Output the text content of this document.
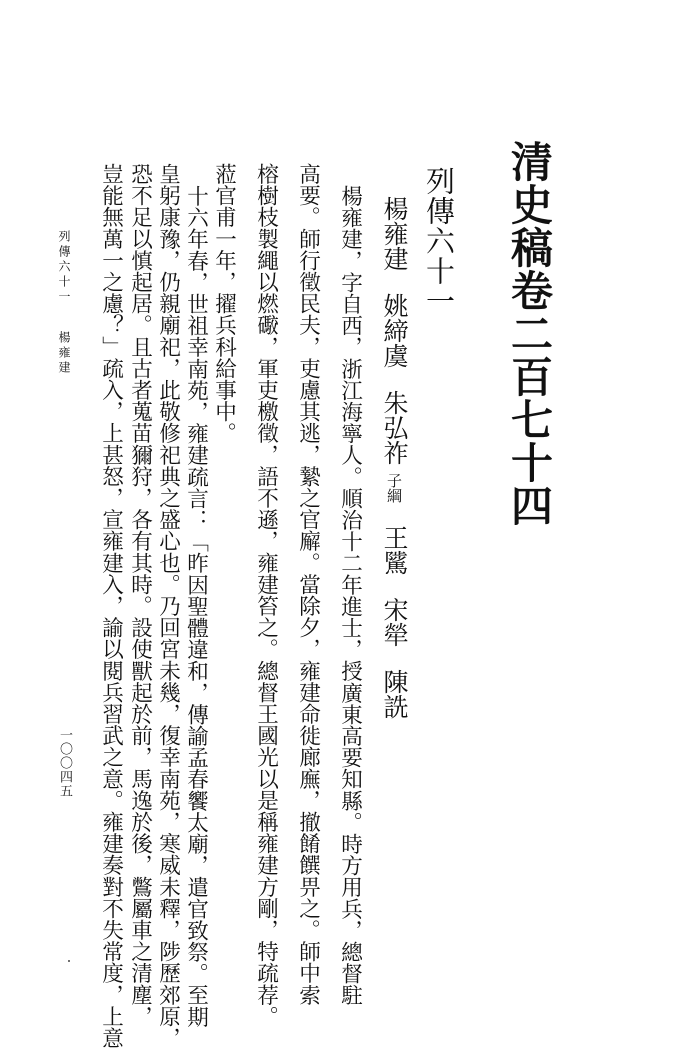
清史稿卷二百七十四
列傳六十一
楊雍建姚締虞朱弘祚子綱王騭宋犖陳詵
楊雍建，字自西，浙江海寧人。順治十二年進士，授廣東高要知縣。時方用兵，總督駐
高要。師行徵民夫，吏慮其逃，縶之官廨。當除夕，雍建命徙廊廡，撤餚饌畀之。師中索
榕樹枝製繩以燃礮，軍吏檄徵，語不遜，雍建笞之。總督王國光以是稱雍建方剛，特疏荐。
蒞官甫一年，擢兵科給事中。
十六年春，世祖幸南苑，雍建疏言：「昨因聖體違和，傳諭孟春饗太廟，遣官致祭。至期
皇躬康豫，仍親廟祀，此敬修祀典之盛心也。乃回宮未幾，復幸南苑，寒威未釋，陟歷郊原，
恐不足以慎起居。且古者蒐苗獮狩，各有其時。設使獸起於前，馬逸於後，鷩屬車之清塵，
豈能無萬一之慮？」疏入，上甚怒，宣雍建入，諭以閱兵習武之意。雍建奏對不失常度，上意
列傳六十一楊雍建
一〇〇四五
